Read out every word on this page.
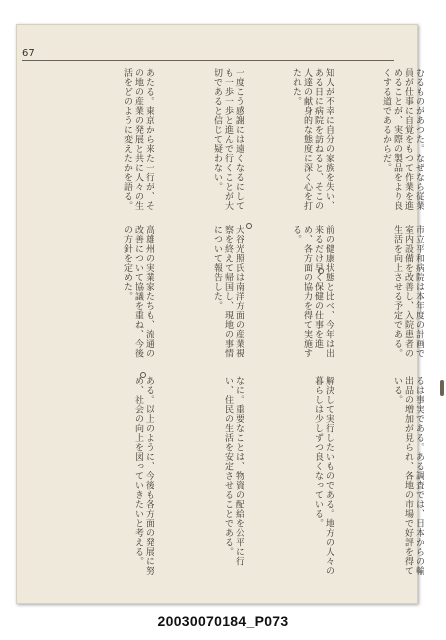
67
むるものがあつた。なぜなら従業員が仕事に自覚をもつて作業を進めることが、実際の製品をより良くする道であるからだ。
知人が不幸に自分の家族を失い、ある日に病院を訪ねると、そこの人達の献身的な態度に深く心を打たれた。
一度こう感謝には遠くなるにしても一歩一歩と進んで行くことが大切であると信じて疑わない。
あたる。東京から来た一行が、その地の産業の発展と共に人々の生活をどのように変えたかを語る。
市立平和病院は本年度の計画で室内設備を改善し、入院患者の生活を向上させる予定である。
前の健康状態と比べ、今年は出来るだけ早く保健の仕事を進め、各方面の協力を得て実施する。
大谷光照氏は南洋方面の産業視察を終えて帰国し、現地の事情について報告した。
高雄州の実業家たちも、流通の改善について協議を重ね、今後の方針を定めた。
るは事実である。ある調査では、日本からの輸出品の増加が見られ、各地の市場で好評を得ている。
解決して実行したいものである。地方の人々の暮らしは少しずつ良くなっている。
なに。重要なことは、物資の配給を公平に行い、住民の生活を安定させることである。
ある。以上のように、今後も各方面の発展に努め、社会の向上を図っていきたいと考える。
20030070184_P073
